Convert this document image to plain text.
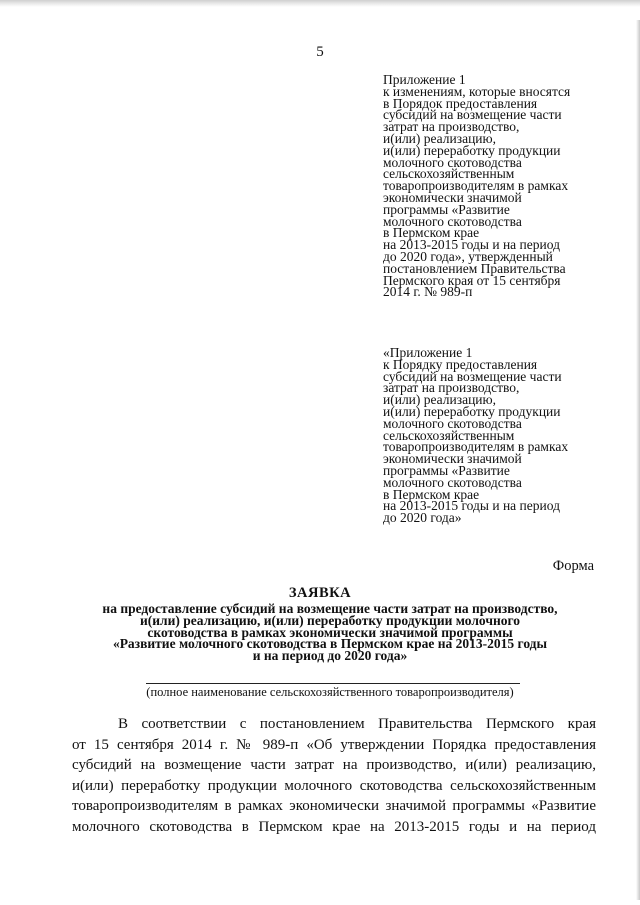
5
Приложение 1
к изменениям, которые вносятся
в Порядок предоставления
субсидий на возмещение части
затрат на производство,
и(или) реализацию,
и(или) переработку продукции
молочного скотоводства
сельскохозяйственным
товаропроизводителям в рамках
экономически значимой
программы «Развитие
молочного скотоводства
в Пермском крае
на 2013-2015 годы и на период
до 2020 года», утвержденный
постановлением Правительства
Пермского края от 15 сентября
2014 г. № 989-п
«Приложение 1
к Порядку предоставления
субсидий на возмещение части
затрат на производство,
и(или) реализацию,
и(или) переработку продукции
молочного скотоводства
сельскохозяйственным
товаропроизводителям в рамках
экономически значимой
программы «Развитие
молочного скотоводства
в Пермском крае
на 2013-2015 годы и на период
до 2020 года»
Форма
ЗАЯВКА
на предоставление субсидий на возмещение части затрат на производство,
и(или) реализацию, и(или) переработку продукции молочного
скотоводства в рамках экономически значимой программы
«Развитие молочного скотоводства в Пермском крае на 2013-2015 годы
и на период до 2020 года»
(полное наименование сельскохозяйственного товаропроизводителя)
В соответствии с постановлением Правительства Пермского края
от 15 сентября 2014 г. № 989-п «Об утверждении Порядка предоставления
субсидий на возмещение части затрат на производство, и(или) реализацию,
и(или) переработку продукции молочного скотоводства сельскохозяйственным
товаропроизводителям в рамках экономически значимой программы «Развитие
молочного скотоводства в Пермском крае на 2013-2015 годы и на период
